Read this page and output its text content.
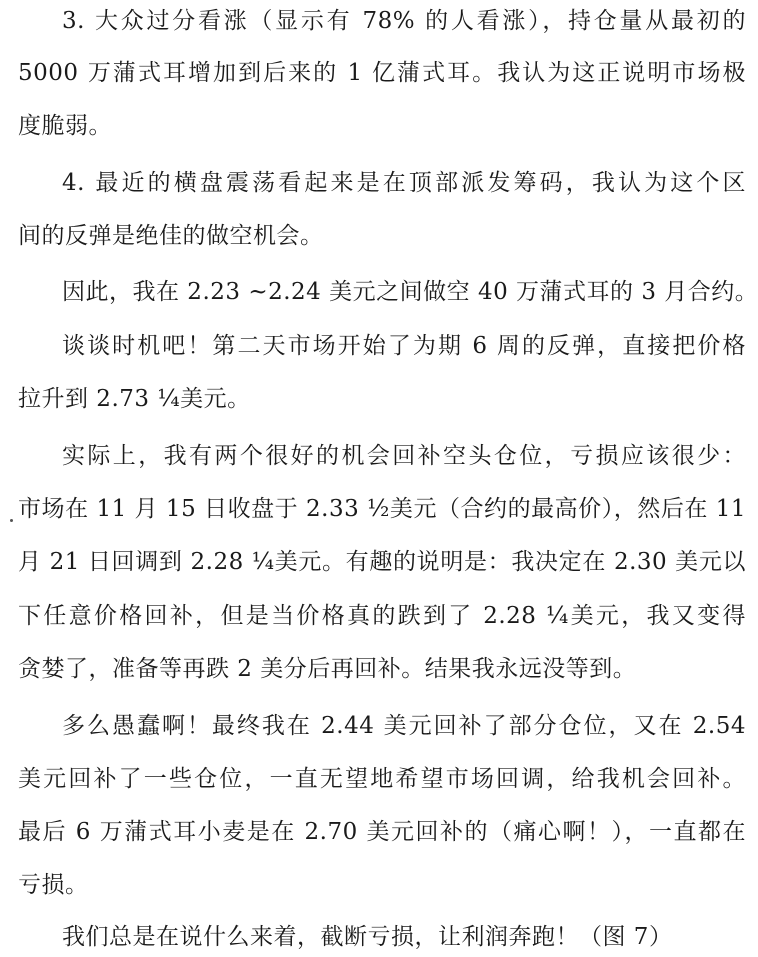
3. 大众过分看涨（显示有 78% 的人看涨），持仓量从最初的
5000 万蒲式耳增加到后来的 1 亿蒲式耳。我认为这正说明市场极
度脆弱。
4. 最近的横盘震荡看起来是在顶部派发筹码，我认为这个区
间的反弹是绝佳的做空机会。
因此，我在 2.23 ~2.24 美元之间做空 40 万蒲式耳的 3 月合约。
谈谈时机吧！第二天市场开始了为期 6 周的反弹，直接把价格
拉升到 2.73 ¼美元。
实际上，我有两个很好的机会回补空头仓位，亏损应该很少：
市场在 11 月 15 日收盘于 2.33 ½美元（合约的最高价），然后在 11
月 21 日回调到 2.28 ¼美元。有趣的说明是：我决定在 2.30 美元以
下任意价格回补，但是当价格真的跌到了 2.28 ¼美元，我又变得
贪婪了，准备等再跌 2 美分后再回补。结果我永远没等到。
多么愚蠢啊！最终我在 2.44 美元回补了部分仓位，又在 2.54
美元回补了一些仓位，一直无望地希望市场回调，给我机会回补。
最后 6 万蒲式耳小麦是在 2.70 美元回补的（痛心啊！），一直都在
亏损。
我们总是在说什么来着，截断亏损，让利润奔跑！（图 7）
